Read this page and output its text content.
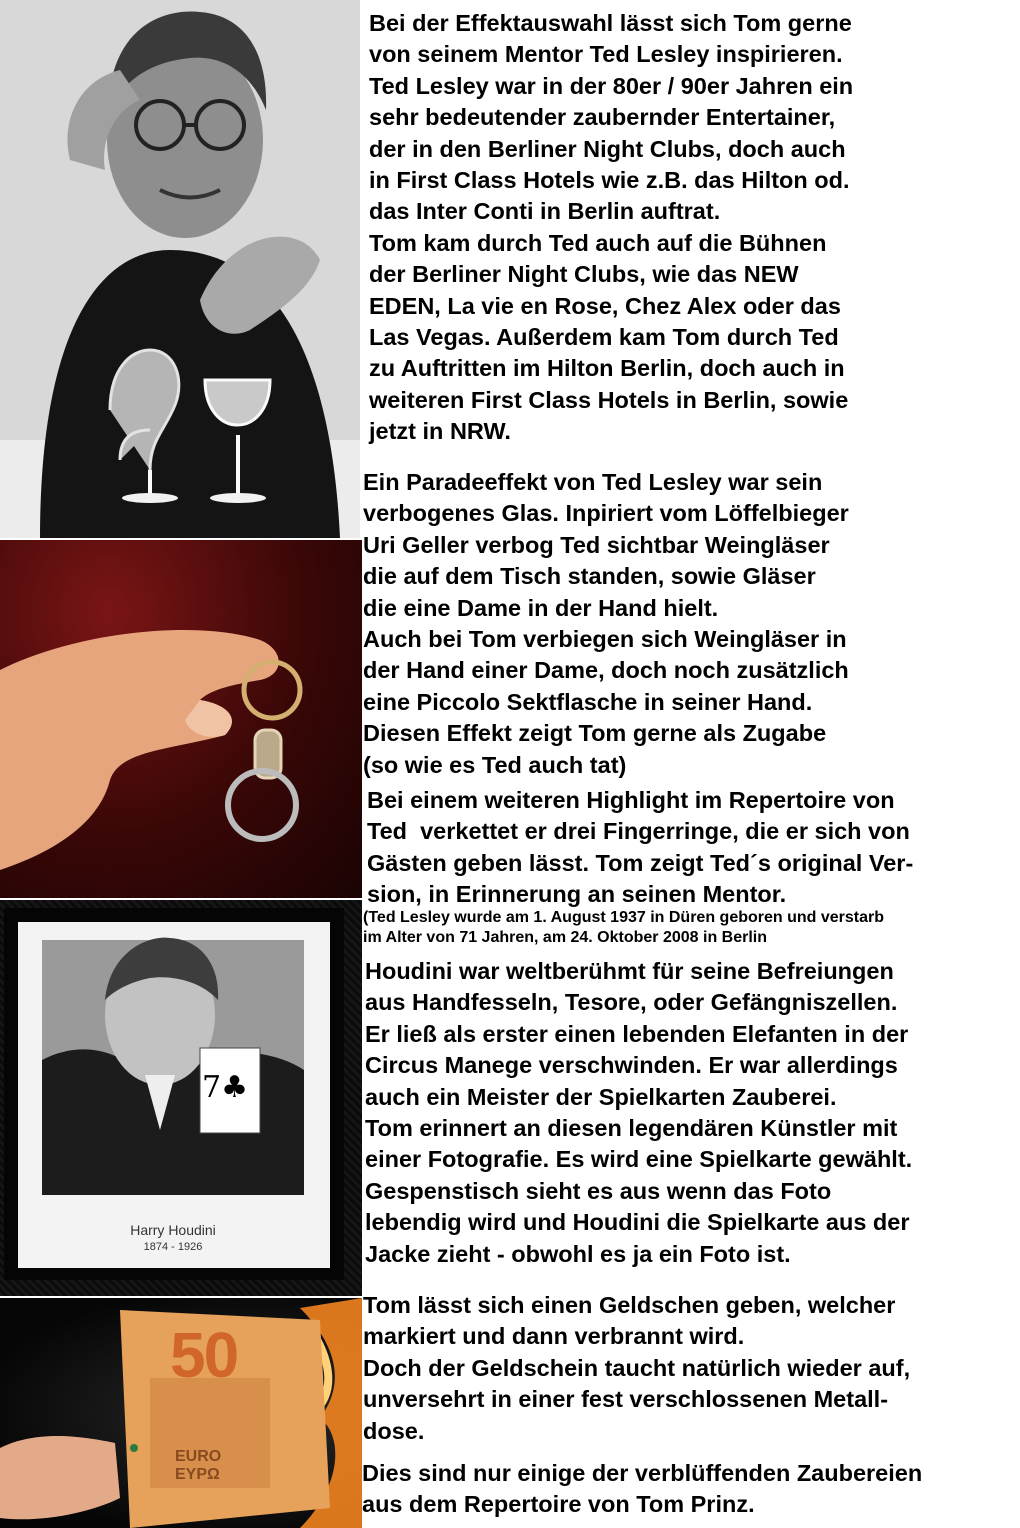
7♣
Harry Houdini
1874 - 1926
50
EURO
ΕΥΡΩ

Bei der Effektauswahl lässt sich Tom gerne
von seinem Mentor Ted Lesley inspirieren.
Ted Lesley war in der 80er / 90er Jahren ein
sehr bedeutender zaubernder Entertainer,
der in den Berliner Night Clubs, doch auch
in First Class Hotels wie z.B. das Hilton od.
das Inter Conti in Berlin auftrat.
Tom kam durch Ted auch auf die Bühnen
der Berliner Night Clubs, wie das NEW
EDEN, La vie en Rose, Chez Alex oder das
Las Vegas. Außerdem kam Tom durch Ted
zu Auftritten im Hilton Berlin, doch auch in
weiteren First Class Hotels in Berlin, sowie
jetzt in NRW.

Ein Paradeeffekt von Ted Lesley war sein
verbogenes Glas. Inpiriert vom Löffelbieger
Uri Geller verbog Ted sichtbar Weingläser
die auf dem Tisch standen, sowie Gläser
die eine Dame in der Hand hielt.
Auch bei Tom verbiegen sich Weingläser in
der Hand einer Dame, doch noch zusätzlich
eine Piccolo Sektflasche in seiner Hand.
Diesen Effekt zeigt Tom gerne als Zugabe
(so wie es Ted auch tat)

Bei einem weiteren Highlight im Repertoire von
Ted  verkettet er drei Fingerringe, die er sich von
Gästen geben lässt. Tom zeigt Ted´s original Ver-
sion, in Erinnerung an seinen Mentor.

(Ted Lesley wurde am 1. August 1937 in Düren geboren und verstarb
im Alter von 71 Jahren, am 24. Oktober 2008 in Berlin

Houdini war weltberühmt für seine Befreiungen
aus Handfesseln, Tesore, oder Gefängniszellen.
Er ließ als erster einen lebenden Elefanten in der
Circus Manege verschwinden. Er war allerdings
auch ein Meister der Spielkarten Zauberei.
Tom erinnert an diesen legendären Künstler mit
einer Fotografie. Es wird eine Spielkarte gewählt.
Gespenstisch sieht es aus wenn das Foto
lebendig wird und Houdini die Spielkarte aus der
Jacke zieht - obwohl es ja ein Foto ist.

Tom lässt sich einen Geldschen geben, welcher
markiert und dann verbrannt wird.
Doch der Geldschein taucht natürlich wieder auf,
unversehrt in einer fest verschlossenen Metall-
dose.

Dies sind nur einige der verblüffenden Zaubereien
aus dem Repertoire von Tom Prinz.
